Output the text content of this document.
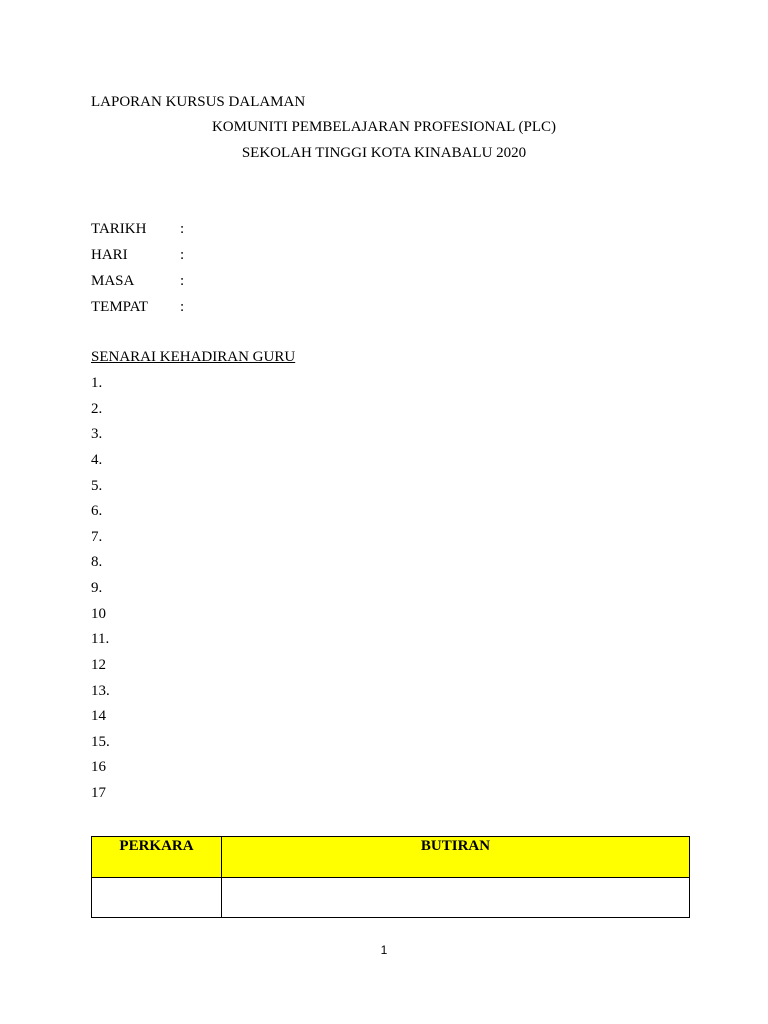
LAPORAN KURSUS DALAMAN
KOMUNITI PEMBELAJARAN PROFESIONAL (PLC)
SEKOLAH TINGGI KOTA KINABALU 2020
TARIKH :
HARI	:
MASA	:
TEMPAT :
SENARAI KEHADIRAN GURU
1.
2.
3.
4.
5.
6.
7.
8.
9.
10
11.
12
13.
14
15.
16
17
PERKARA	BUTIRAN

1
